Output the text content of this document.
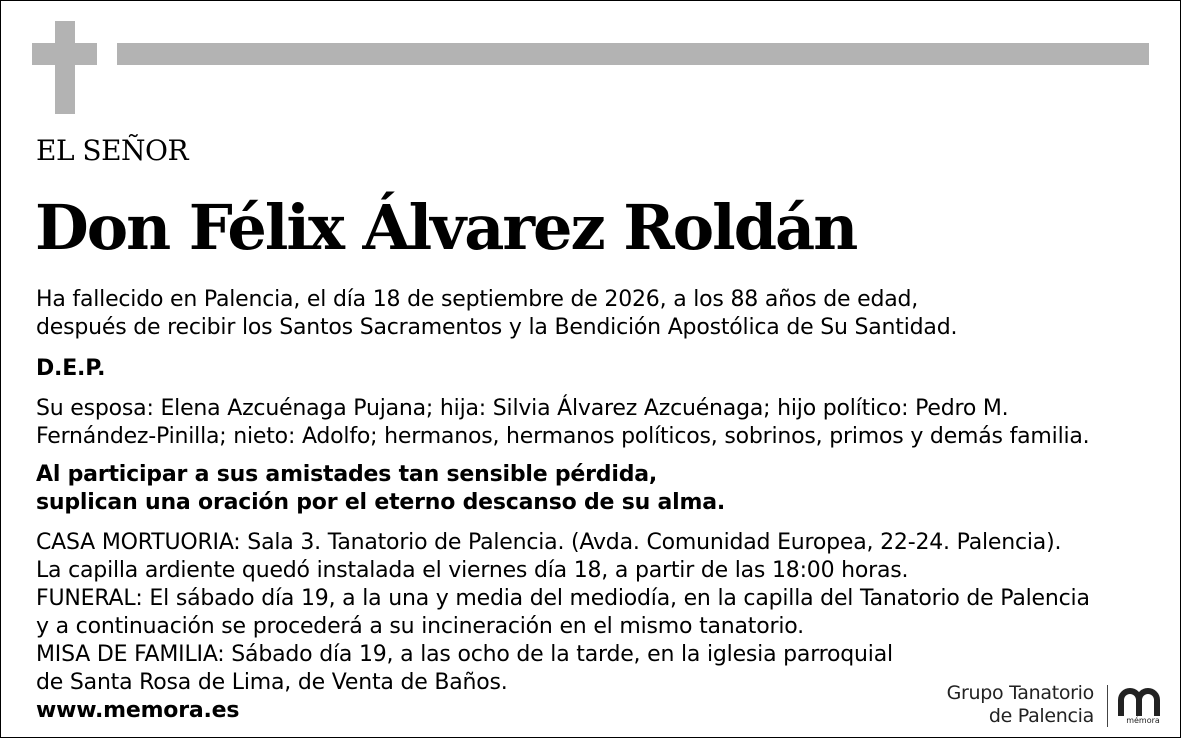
EL SEÑOR
Don Félix Álvarez Roldán
Ha fallecido en Palencia, el día 18 de septiembre de 2026, a los 88 años de edad,
después de recibir los Santos Sacramentos y la Bendición Apostólica de Su Santidad.
D.E.P.
Su esposa: Elena Azcuénaga Pujana; hija: Silvia Álvarez Azcuénaga; hijo político: Pedro M.
Fernández-Pinilla; nieto: Adolfo; hermanos, hermanos políticos, sobrinos, primos y demás familia.
Al participar a sus amistades tan sensible pérdida,
suplican una oración por el eterno descanso de su alma.
CASA MORTUORIA: Sala 3. Tanatorio de Palencia. (Avda. Comunidad Europea, 22-24. Palencia).
La capilla ardiente quedó instalada el viernes día 18, a partir de las 18:00 horas.
FUNERAL: El sábado día 19, a la una y media del mediodía, en la capilla del Tanatorio de Palencia
y a continuación se procederá a su incineración en el mismo tanatorio.
MISA DE FAMILIA: Sábado día 19, a las ocho de la tarde, en la iglesia parroquial
de Santa Rosa de Lima, de Venta de Baños.
www.memora.es
Grupo Tanatorio
de Palencia	mémora
